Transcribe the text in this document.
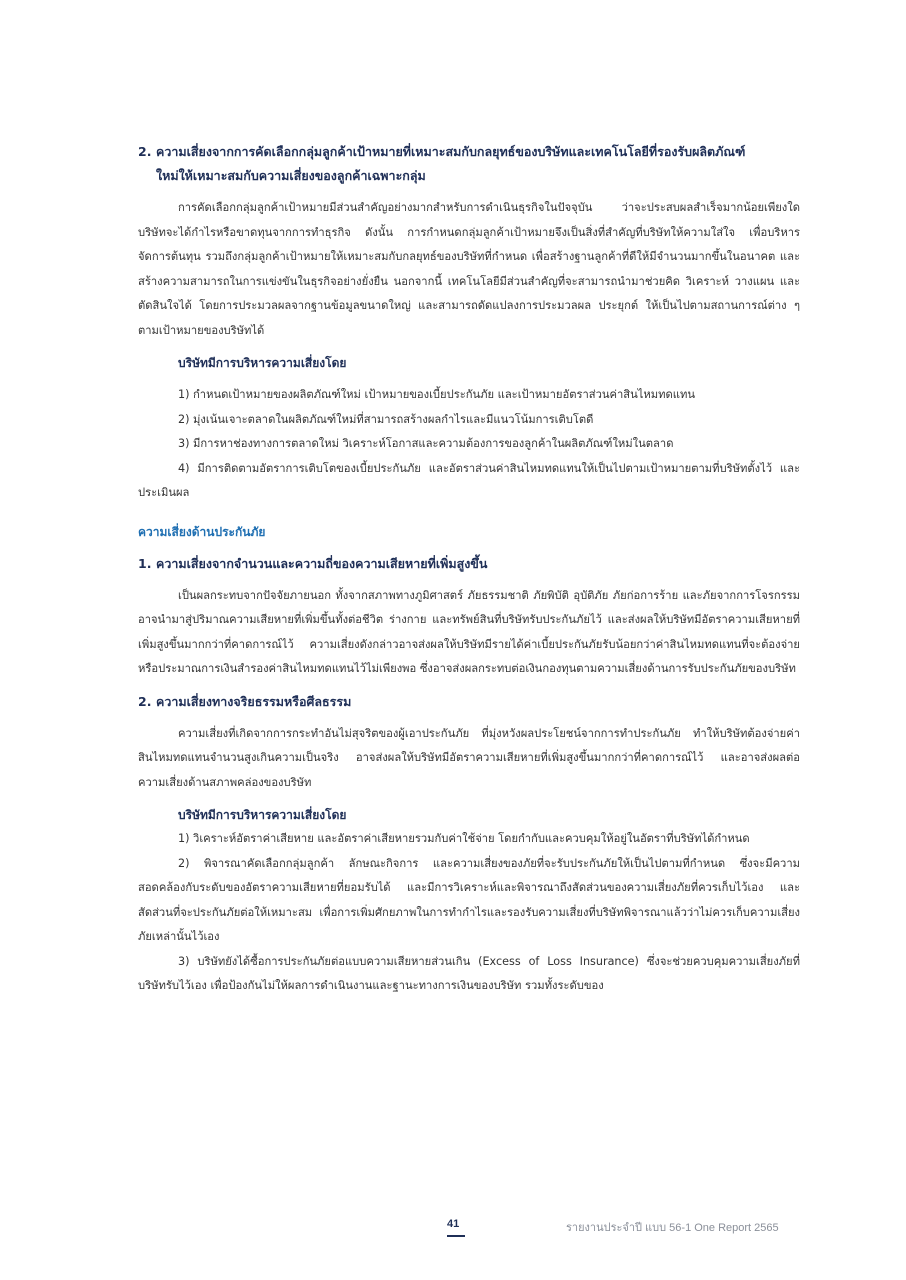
2. ความเสี่ยงจากการคัดเลือกกลุ่มลูกค้าเป้าหมายที่เหมาะสมกับกลยุทธ์ของบริษัทและเทคโนโลยีที่รองรับผลิตภัณฑ์

ใหม่ให้เหมาะสมกับความเสี่ยงของลูกค้าเฉพาะกลุ่ม

การคัดเลือกกลุ่มลูกค้าเป้าหมายมีส่วนสำคัญอย่างมากสำหรับการดำเนินธุรกิจในปัจจุบัน ว่าจะประสบผลสำเร็จมากน้อยเพียงใด บริษัทจะได้กำไรหรือขาดทุนจากการทำธุรกิจ ดังนั้น การกำหนดกลุ่มลูกค้าเป้าหมายจึงเป็นสิ่งที่สำคัญที่บริษัทให้ความใส่ใจ เพื่อบริหารจัดการต้นทุน รวมถึงกลุ่มลูกค้าเป้าหมายให้เหมาะสมกับกลยุทธ์ของบริษัทที่กำหนด เพื่อสร้างฐานลูกค้าที่ดีให้มีจำนวนมากขึ้นในอนาคต และสร้างความสามารถในการแข่งขันในธุรกิจอย่างยั่งยืน นอกจากนี้ เทคโนโลยีมีส่วนสำคัญที่จะสามารถนำมาช่วยคิด วิเคราะห์ วางแผน และตัดสินใจได้ โดยการประมวลผลจากฐานข้อมูลขนาดใหญ่ และสามารถดัดแปลงการประมวลผล ประยุกต์ ให้เป็นไปตามสถานการณ์ต่าง ๆ ตามเป้าหมายของบริษัทได้

บริษัทมีการบริหารความเสี่ยงโดย

1) กำหนดเป้าหมายของผลิตภัณฑ์ใหม่ เป้าหมายของเบี้ยประกันภัย และเป้าหมายอัตราส่วนค่าสินไหมทดแทน

2) มุ่งเน้นเจาะตลาดในผลิตภัณฑ์ใหม่ที่สามารถสร้างผลกำไรและมีแนวโน้มการเติบโตดี

3) มีการหาช่องทางการตลาดใหม่ วิเคราะห์โอกาสและความต้องการของลูกค้าในผลิตภัณฑ์ใหม่ในตลาด

4) มีการติดตามอัตราการเติบโตของเบี้ยประกันภัย และอัตราส่วนค่าสินไหมทดแทนให้เป็นไปตามเป้าหมายตามที่บริษัทตั้งไว้ และประเมินผล

ความเสี่ยงด้านประกันภัย

1. ความเสี่ยงจากจำนวนและความถี่ของความเสียหายที่เพิ่มสูงขึ้น

เป็นผลกระทบจากปัจจัยภายนอก ทั้งจากสภาพทางภูมิศาสตร์ ภัยธรรมชาติ ภัยพิบัติ อุบัติภัย ภัยก่อการร้าย และภัยจากการโจรกรรม อาจนำมาสู่ปริมาณความเสียหายที่เพิ่มขึ้นทั้งต่อชีวิต ร่างกาย และทรัพย์สินที่บริษัทรับประกันภัยไว้ และส่งผลให้บริษัทมีอัตราความเสียหายที่เพิ่มสูงขึ้นมากกว่าที่คาดการณ์ไว้ ความเสี่ยงดังกล่าวอาจส่งผลให้บริษัทมีรายได้ค่าเบี้ยประกันภัยรับน้อยกว่าค่าสินไหมทดแทนที่จะต้องจ่าย หรือประมาณการเงินสำรองค่าสินไหมทดแทนไว้ไม่เพียงพอ ซึ่งอาจส่งผลกระทบต่อเงินกองทุนตามความเสี่ยงด้านการรับประกันภัยของบริษัท

2. ความเสี่ยงทางจริยธรรมหรือศีลธรรม

ความเสี่ยงที่เกิดจากการกระทำอันไม่สุจริตของผู้เอาประกันภัย ที่มุ่งหวังผลประโยชน์จากการทำประกันภัย ทำให้บริษัทต้องจ่ายค่าสินไหมทดแทนจำนวนสูงเกินความเป็นจริง อาจส่งผลให้บริษัทมีอัตราความเสียหายที่เพิ่มสูงขึ้นมากกว่าที่คาดการณ์ไว้ และอาจส่งผลต่อความเสี่ยงด้านสภาพคล่องของบริษัท

บริษัทมีการบริหารความเสี่ยงโดย

1) วิเคราะห์อัตราค่าเสียหาย และอัตราค่าเสียหายรวมกับค่าใช้จ่าย โดยกำกับและควบคุมให้อยู่ในอัตราที่บริษัทได้กำหนด

2) พิจารณาคัดเลือกกลุ่มลูกค้า ลักษณะกิจการ และความเสี่ยงของภัยที่จะรับประกันภัยให้เป็นไปตามที่กำหนด ซึ่งจะมีความสอดคล้องกับระดับของอัตราความเสียหายที่ยอมรับได้ และมีการวิเคราะห์และพิจารณาถึงสัดส่วนของความเสี่ยงภัยที่ควรเก็บไว้เอง และสัดส่วนที่จะประกันภัยต่อให้เหมาะสม เพื่อการเพิ่มศักยภาพในการทำกำไรและรองรับความเสี่ยงที่บริษัทพิจารณาแล้วว่าไม่ควรเก็บความเสี่ยงภัยเหล่านั้นไว้เอง

3) บริษัทยังได้ซื้อการประกันภัยต่อแบบความเสียหายส่วนเกิน (Excess of Loss Insurance) ซึ่งจะช่วยควบคุมความเสี่ยงภัยที่บริษัทรับไว้เอง เพื่อป้องกันไม่ให้ผลการดำเนินงานและฐานะทางการเงินของบริษัท รวมทั้งระดับของ

41	รายงานประจำปี แบบ 56-1 One Report 2565
